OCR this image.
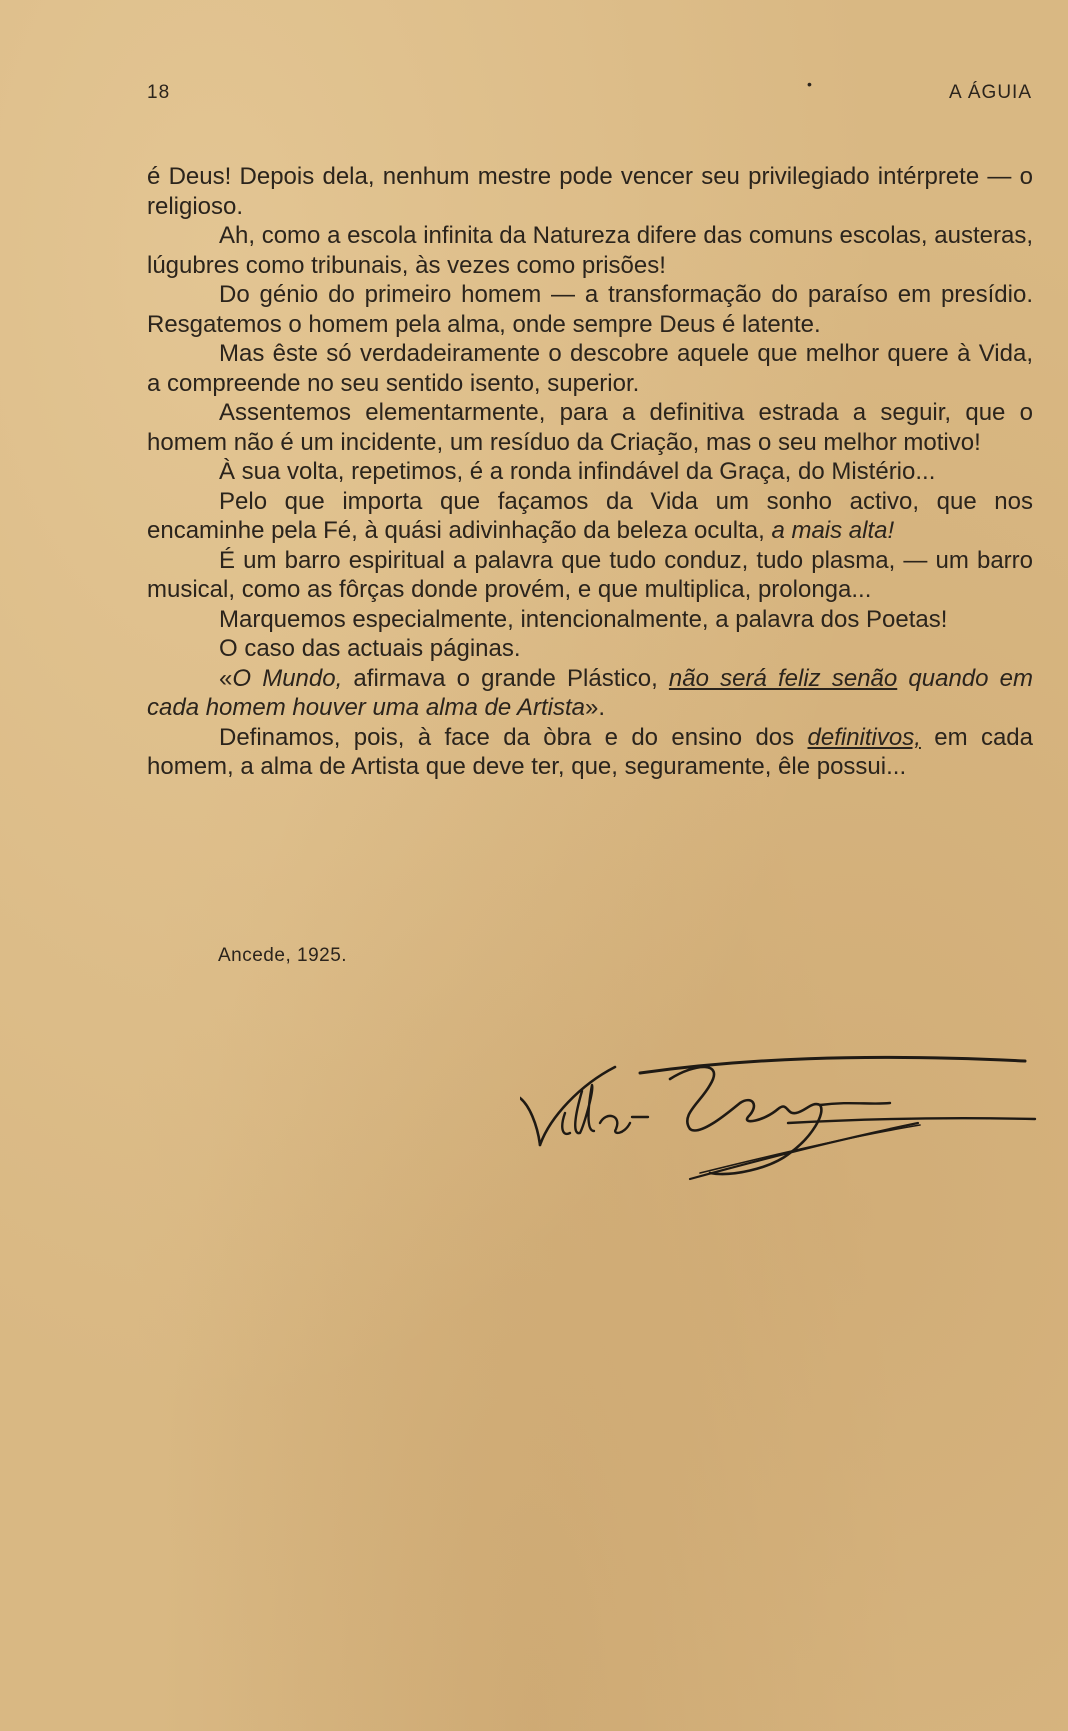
18	•	A ÁGUIA

é Deus! Depois dela, nenhum mestre pode vencer seu privilegiado intérprete — o religioso.

Ah, como a escola infinita da Natureza difere das comuns escolas, austeras, lúgubres como tribunais, às vezes como prisões!

Do génio do primeiro homem — a transformação do paraíso em presídio. Resgatemos o homem pela alma, onde sempre Deus é latente.

Mas êste só verdadeiramente o descobre aquele que melhor quere à Vida, a compreende no seu sentido isento, superior.

Assentemos elementarmente, para a definitiva estrada a seguir, que o homem não é um incidente, um resíduo da Criação, mas o seu melhor motivo!

À sua volta, repetimos, é a ronda infindável da Graça, do Mistério...

Pelo que importa que façamos da Vida um sonho activo, que nos encaminhe pela Fé, à quási adivinhação da beleza oculta, a mais alta!

É um barro espiritual a palavra que tudo conduz, tudo plasma, — um barro musical, como as fôrças donde provém, e que multiplica, prolonga...

Marquemos especialmente, intencionalmente, a palavra dos Poetas!

O caso das actuais páginas.

«O Mundo, afirmava o grande Plástico, não será feliz senão quando em cada homem houver uma alma de Artista».

Definamos, pois, à face da òbra e do ensino dos definitivos, em cada homem, a alma de Artista que deve ter, que, seguramente, êle possui...

Ancede, 1925.
